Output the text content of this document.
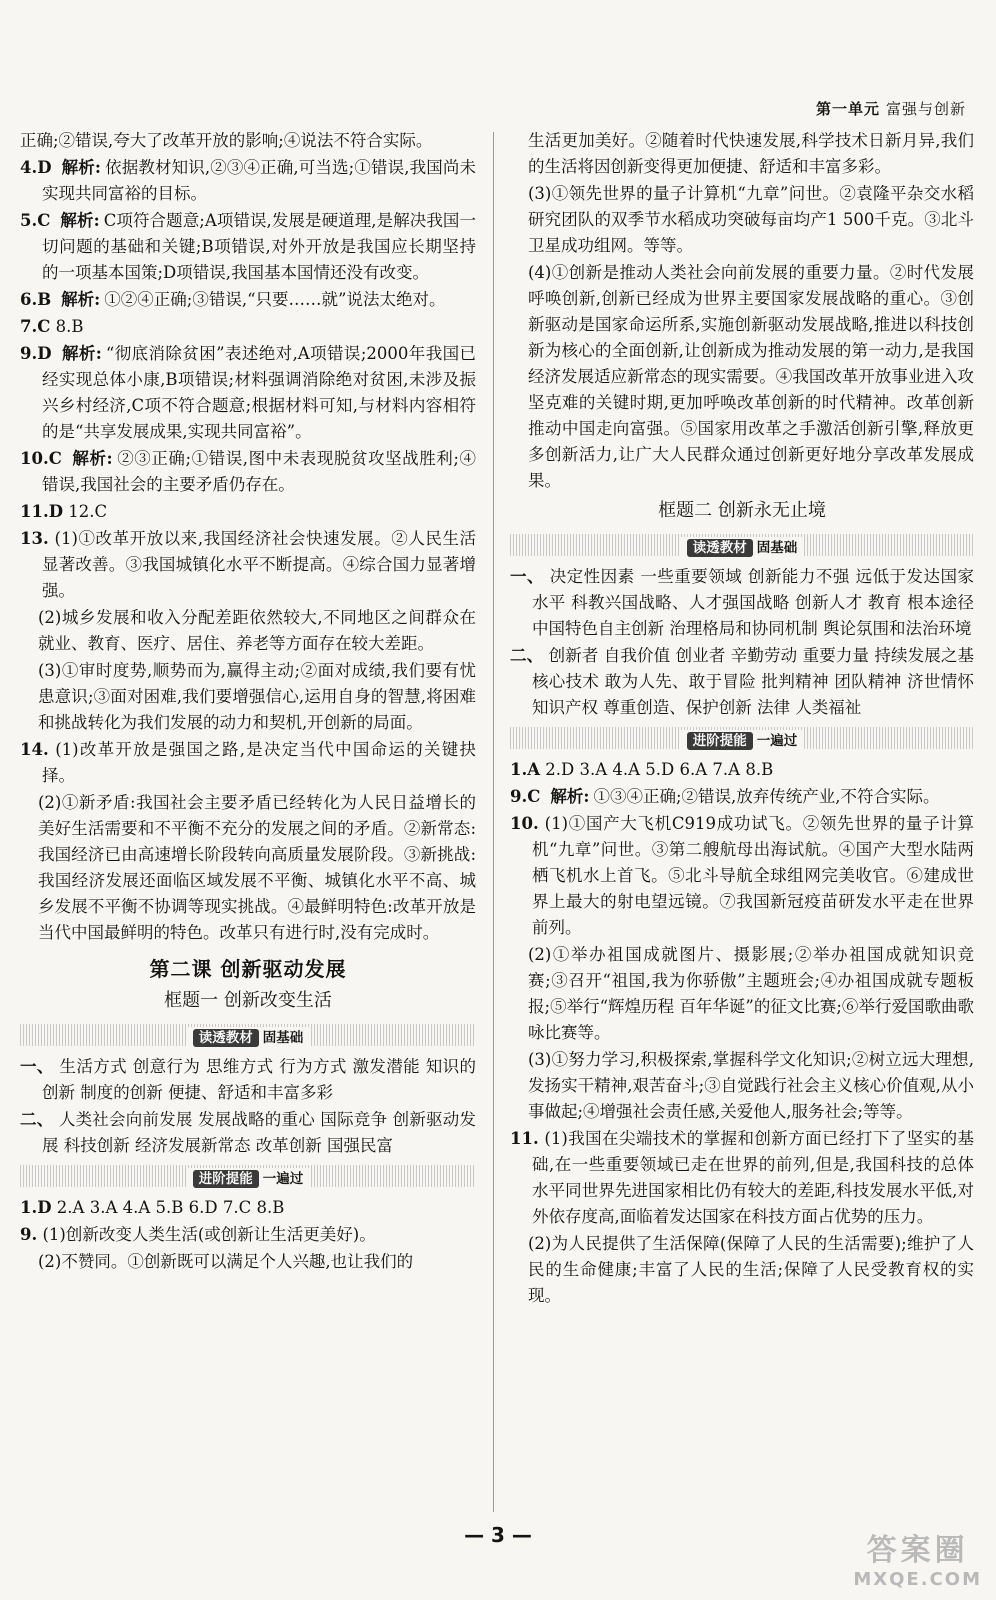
第一单元 富强与创新
正确;②错误,夸大了改革开放的影响;④说法不符合实际。
4.D 解析: 依据教材知识,②③④正确,可当选;①错误,我国尚未实现共同富裕的目标。
5.C 解析: C项符合题意;A项错误,发展是硬道理,是解决我国一切问题的基础和关键;B项错误,对外开放是我国应长期坚持的一项基本国策;D项错误,我国基本国情还没有改变。
6.B 解析: ①②④正确;③错误,“只要……就”说法太绝对。
7.C 8.B
9.D 解析: “彻底消除贫困”表述绝对,A项错误;2000年我国已经实现总体小康,B项错误;材料强调消除绝对贫困,未涉及振兴乡村经济,C项不符合题意;根据材料可知,与材料内容相符的是“共享发展成果,实现共同富裕”。
10.C 解析: ②③正确;①错误,图中未表现脱贫攻坚战胜利;④错误,我国社会的主要矛盾仍存在。
11.D 12.C
13. (1)①改革开放以来,我国经济社会快速发展。②人民生活显著改善。③我国城镇化水平不断提高。④综合国力显著增强。
(2)城乡发展和收入分配差距依然较大,不同地区之间群众在就业、教育、医疗、居住、养老等方面存在较大差距。
(3)①审时度势,顺势而为,赢得主动;②面对成绩,我们要有忧患意识;③面对困难,我们要增强信心,运用自身的智慧,将困难和挑战转化为我们发展的动力和契机,开创新的局面。
14. (1)改革开放是强国之路,是决定当代中国命运的关键抉择。
(2)①新矛盾:我国社会主要矛盾已经转化为人民日益增长的美好生活需要和不平衡不充分的发展之间的矛盾。②新常态:我国经济已由高速增长阶段转向高质量发展阶段。③新挑战:我国经济发展还面临区域发展不平衡、城镇化水平不高、城乡发展不平衡不协调等现实挑战。④最鲜明特色:改革开放是当代中国最鲜明的特色。改革只有进行时,没有完成时。
第二课 创新驱动发展
框题一 创新改变生活
读透教材 固基础
一、 生活方式 创意行为 思维方式 行为方式 激发潜能 知识的创新 制度的创新 便捷、舒适和丰富多彩
二、 人类社会向前发展 发展战略的重心 国际竞争 创新驱动发展 科技创新 经济发展新常态 改革创新 国强民富
进阶提能 一遍过
1.D 2.A 3.A 4.A 5.B 6.D 7.C 8.B
9. (1)创新改变人类生活(或创新让生活更美好)。
(2)不赞同。①创新既可以满足个人兴趣,也让我们的
生活更加美好。②随着时代快速发展,科学技术日新月异,我们的生活将因创新变得更加便捷、舒适和丰富多彩。
(3)①领先世界的量子计算机“九章”问世。②袁隆平杂交水稻研究团队的双季节水稻成功突破每亩均产1 500千克。③北斗卫星成功组网。等等。
(4)①创新是推动人类社会向前发展的重要力量。②时代发展呼唤创新,创新已经成为世界主要国家发展战略的重心。③创新驱动是国家命运所系,实施创新驱动发展战略,推进以科技创新为核心的全面创新,让创新成为推动发展的第一动力,是我国经济发展适应新常态的现实需要。④我国改革开放事业进入攻坚克难的关键时期,更加呼唤改革创新的时代精神。改革创新推动中国走向富强。⑤国家用改革之手激活创新引擎,释放更多创新活力,让广大人民群众通过创新更好地分享改革发展成果。
框题二 创新永无止境
读透教材 固基础
一、 决定性因素 一些重要领域 创新能力不强 远低于发达国家水平 科教兴国战略、人才强国战略 创新人才 教育 根本途径 中国特色自主创新 治理格局和协同机制 舆论氛围和法治环境
二、 创新者 自我价值 创业者 辛勤劳动 重要力量 持续发展之基 核心技术 敢为人先、敢于冒险 批判精神 团队精神 济世情怀 知识产权 尊重创造、保护创新 法律 人类福祉
进阶提能 一遍过
1.A 2.D 3.A 4.A 5.D 6.A 7.A 8.B
9.C 解析: ①③④正确;②错误,放弃传统产业,不符合实际。
10. (1)①国产大飞机C919成功试飞。②领先世界的量子计算机“九章”问世。③第二艘航母出海试航。④国产大型水陆两栖飞机水上首飞。⑤北斗导航全球组网完美收官。⑥建成世界上最大的射电望远镜。⑦我国新冠疫苗研发水平走在世界前列。
(2)①举办祖国成就图片、摄影展;②举办祖国成就知识竞赛;③召开“祖国,我为你骄傲”主题班会;④办祖国成就专题板报;⑤举行“辉煌历程 百年华诞”的征文比赛;⑥举行爱国歌曲歌咏比赛等。
(3)①努力学习,积极探索,掌握科学文化知识;②树立远大理想,发扬实干精神,艰苦奋斗;③自觉践行社会主义核心价值观,从小事做起;④增强社会责任感,关爱他人,服务社会;等等。
11. (1)我国在尖端技术的掌握和创新方面已经打下了坚实的基础,在一些重要领域已走在世界的前列,但是,我国科技的总体水平同世界先进国家相比仍有较大的差距,科技发展水平低,对外依存度高,面临着发达国家在科技方面占优势的压力。
(2)为人民提供了生活保障(保障了人民的生活需要);维护了人民的生命健康;丰富了人民的生活;保障了人民受教育权的实现。
— 3 —	答案圈
MXQE.COM
